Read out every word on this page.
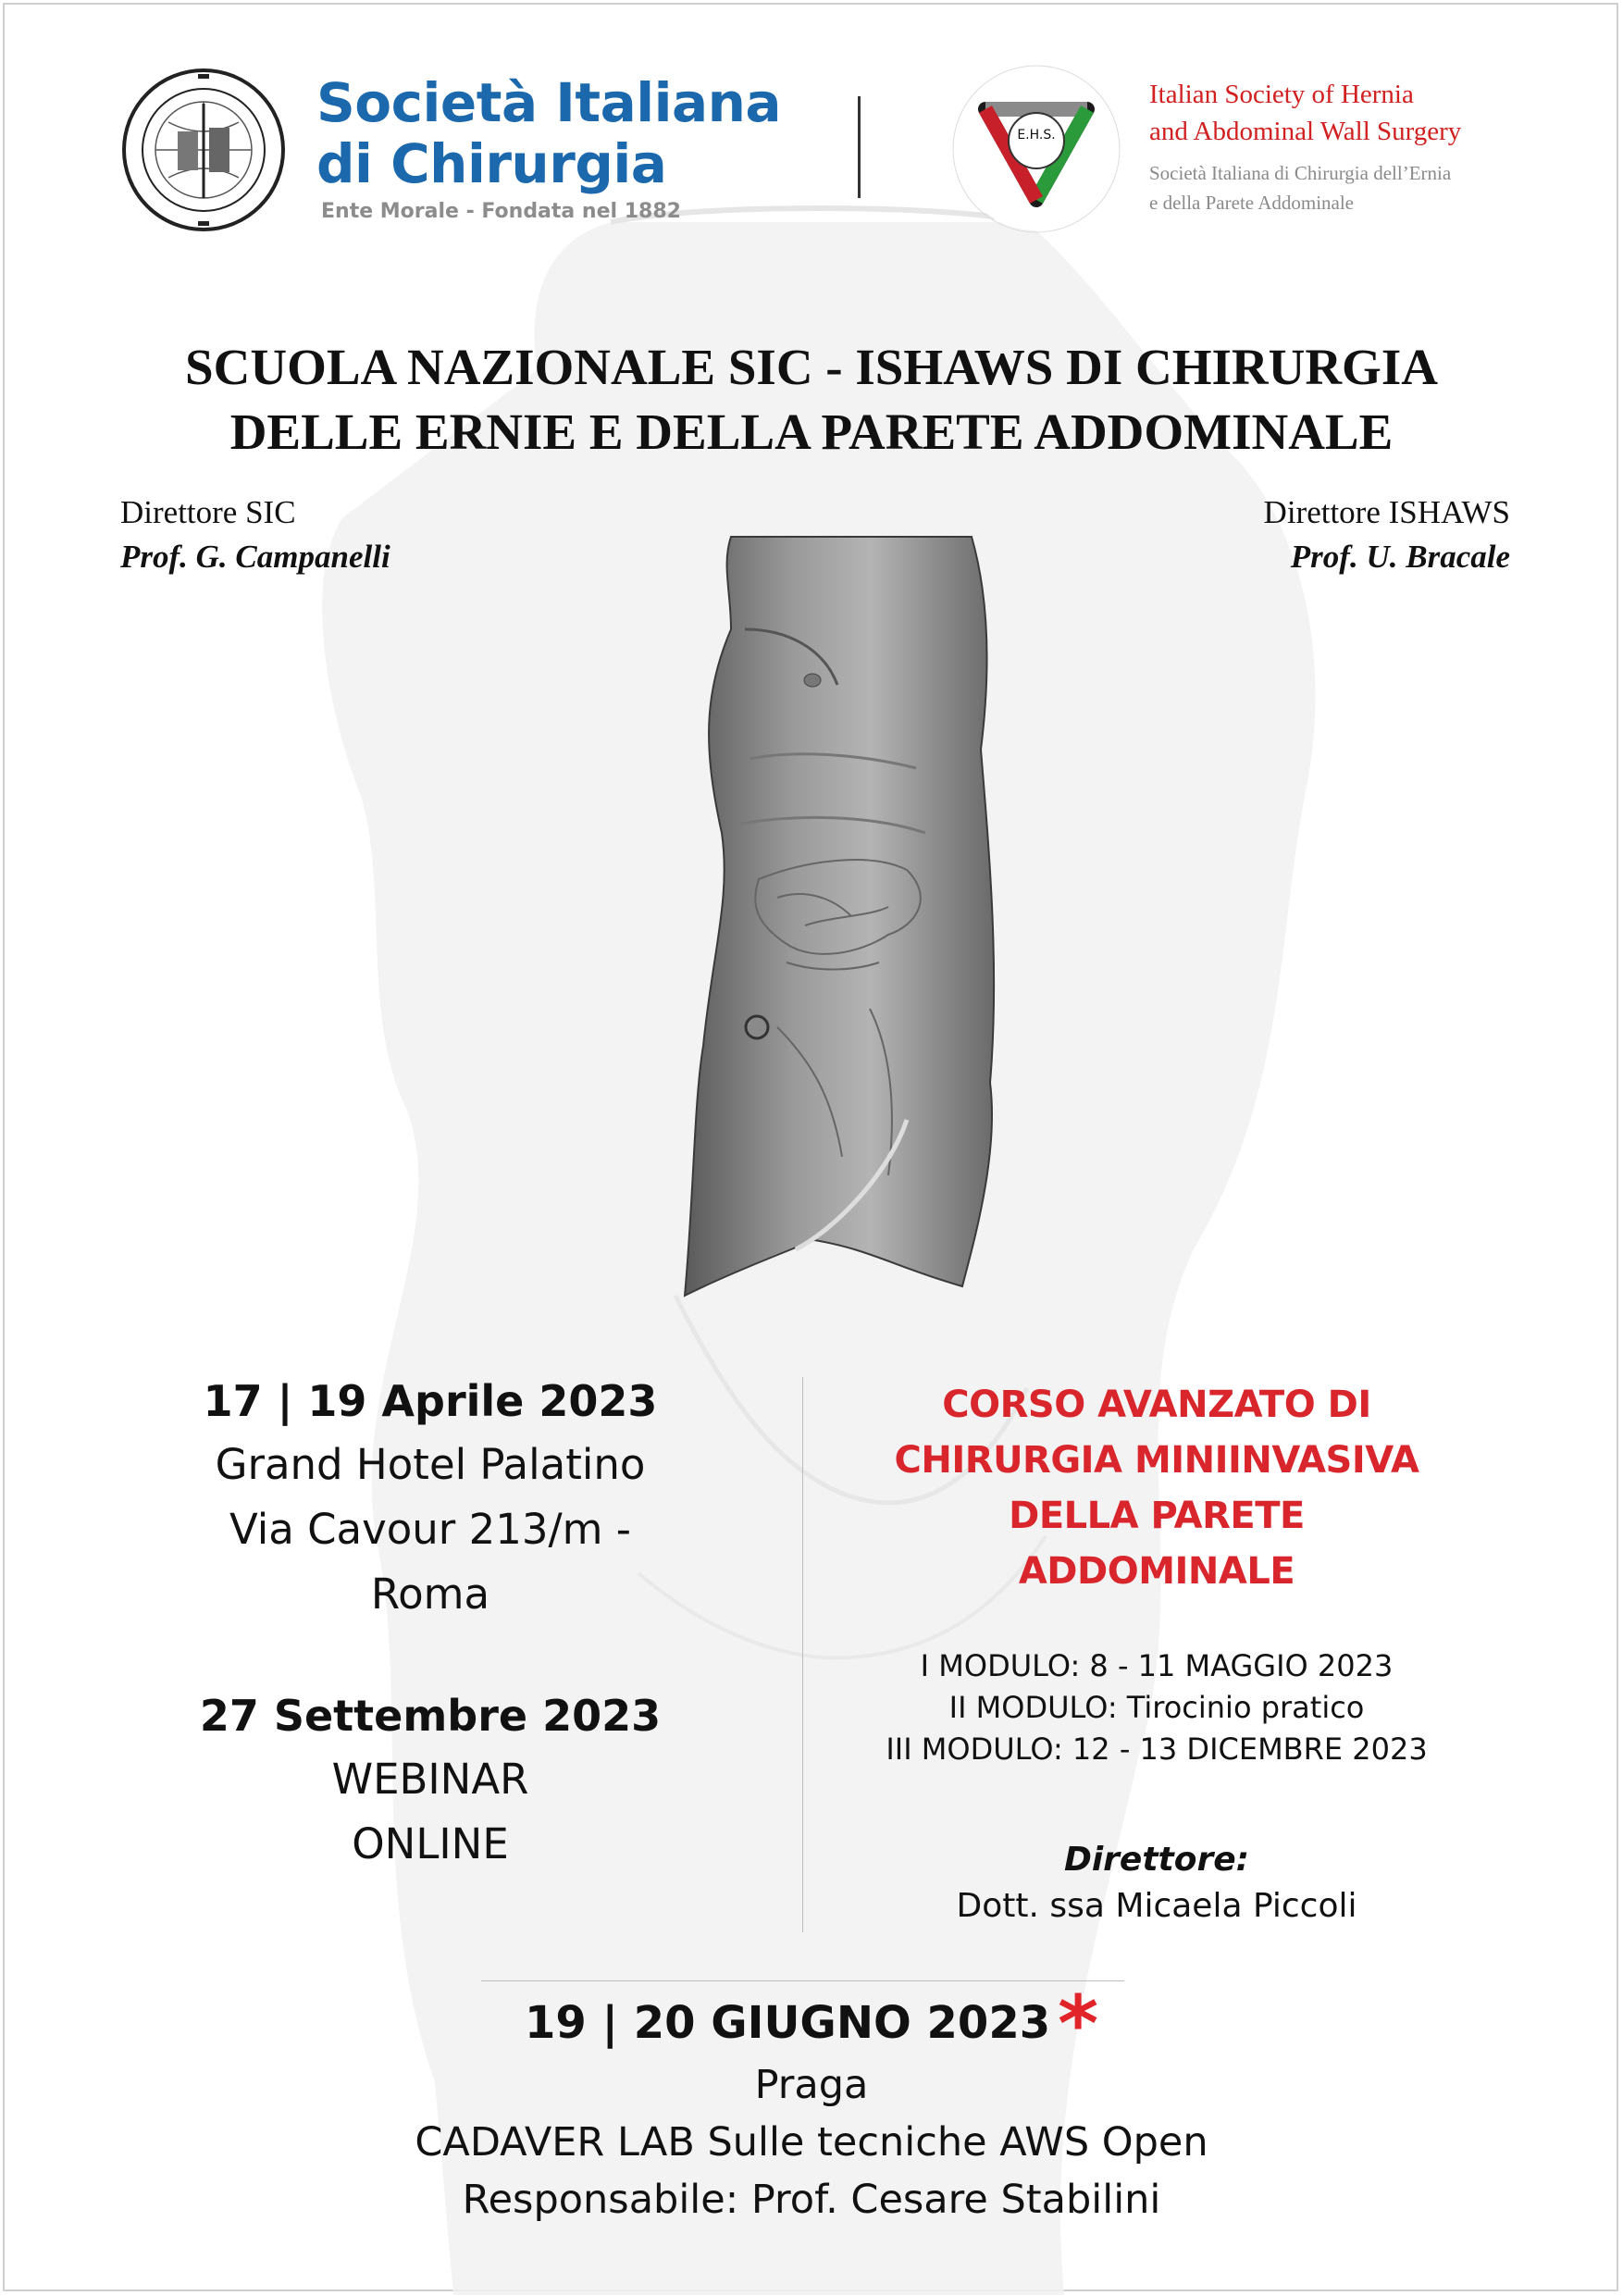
Società Italiana
di Chirurgia
Ente Morale - Fondata nel 1882
E.H.S.
Italian Society of Hernia
and Abdominal Wall Surgery
Società Italiana di Chirurgia dell’Ernia
e della Parete Addominale
SCUOLA NAZIONALE SIC - ISHAWS DI CHIRURGIA
DELLE ERNIE E DELLA PARETE ADDOMINALE
Direttore SIC
Prof. G. Campanelli
Direttore ISHAWS
Prof. U. Bracale
17 | 19 Aprile 2023
Grand Hotel Palatino
Via Cavour 213/m -
Roma
27 Settembre 2023
WEBINAR
ONLINE
CORSO AVANZATO DI
CHIRURGIA MINIINVASIVA
DELLA PARETE
ADDOMINALE
I MODULO: 8 - 11 MAGGIO 2023
II MODULO: Tirocinio pratico
III MODULO: 12 - 13 DICEMBRE 2023
Direttore:
Dott. ssa Micaela Piccoli
19 | 20 GIUGNO 2023*
Praga
CADAVER LAB Sulle tecniche AWS Open
Responsabile: Prof. Cesare Stabilini
